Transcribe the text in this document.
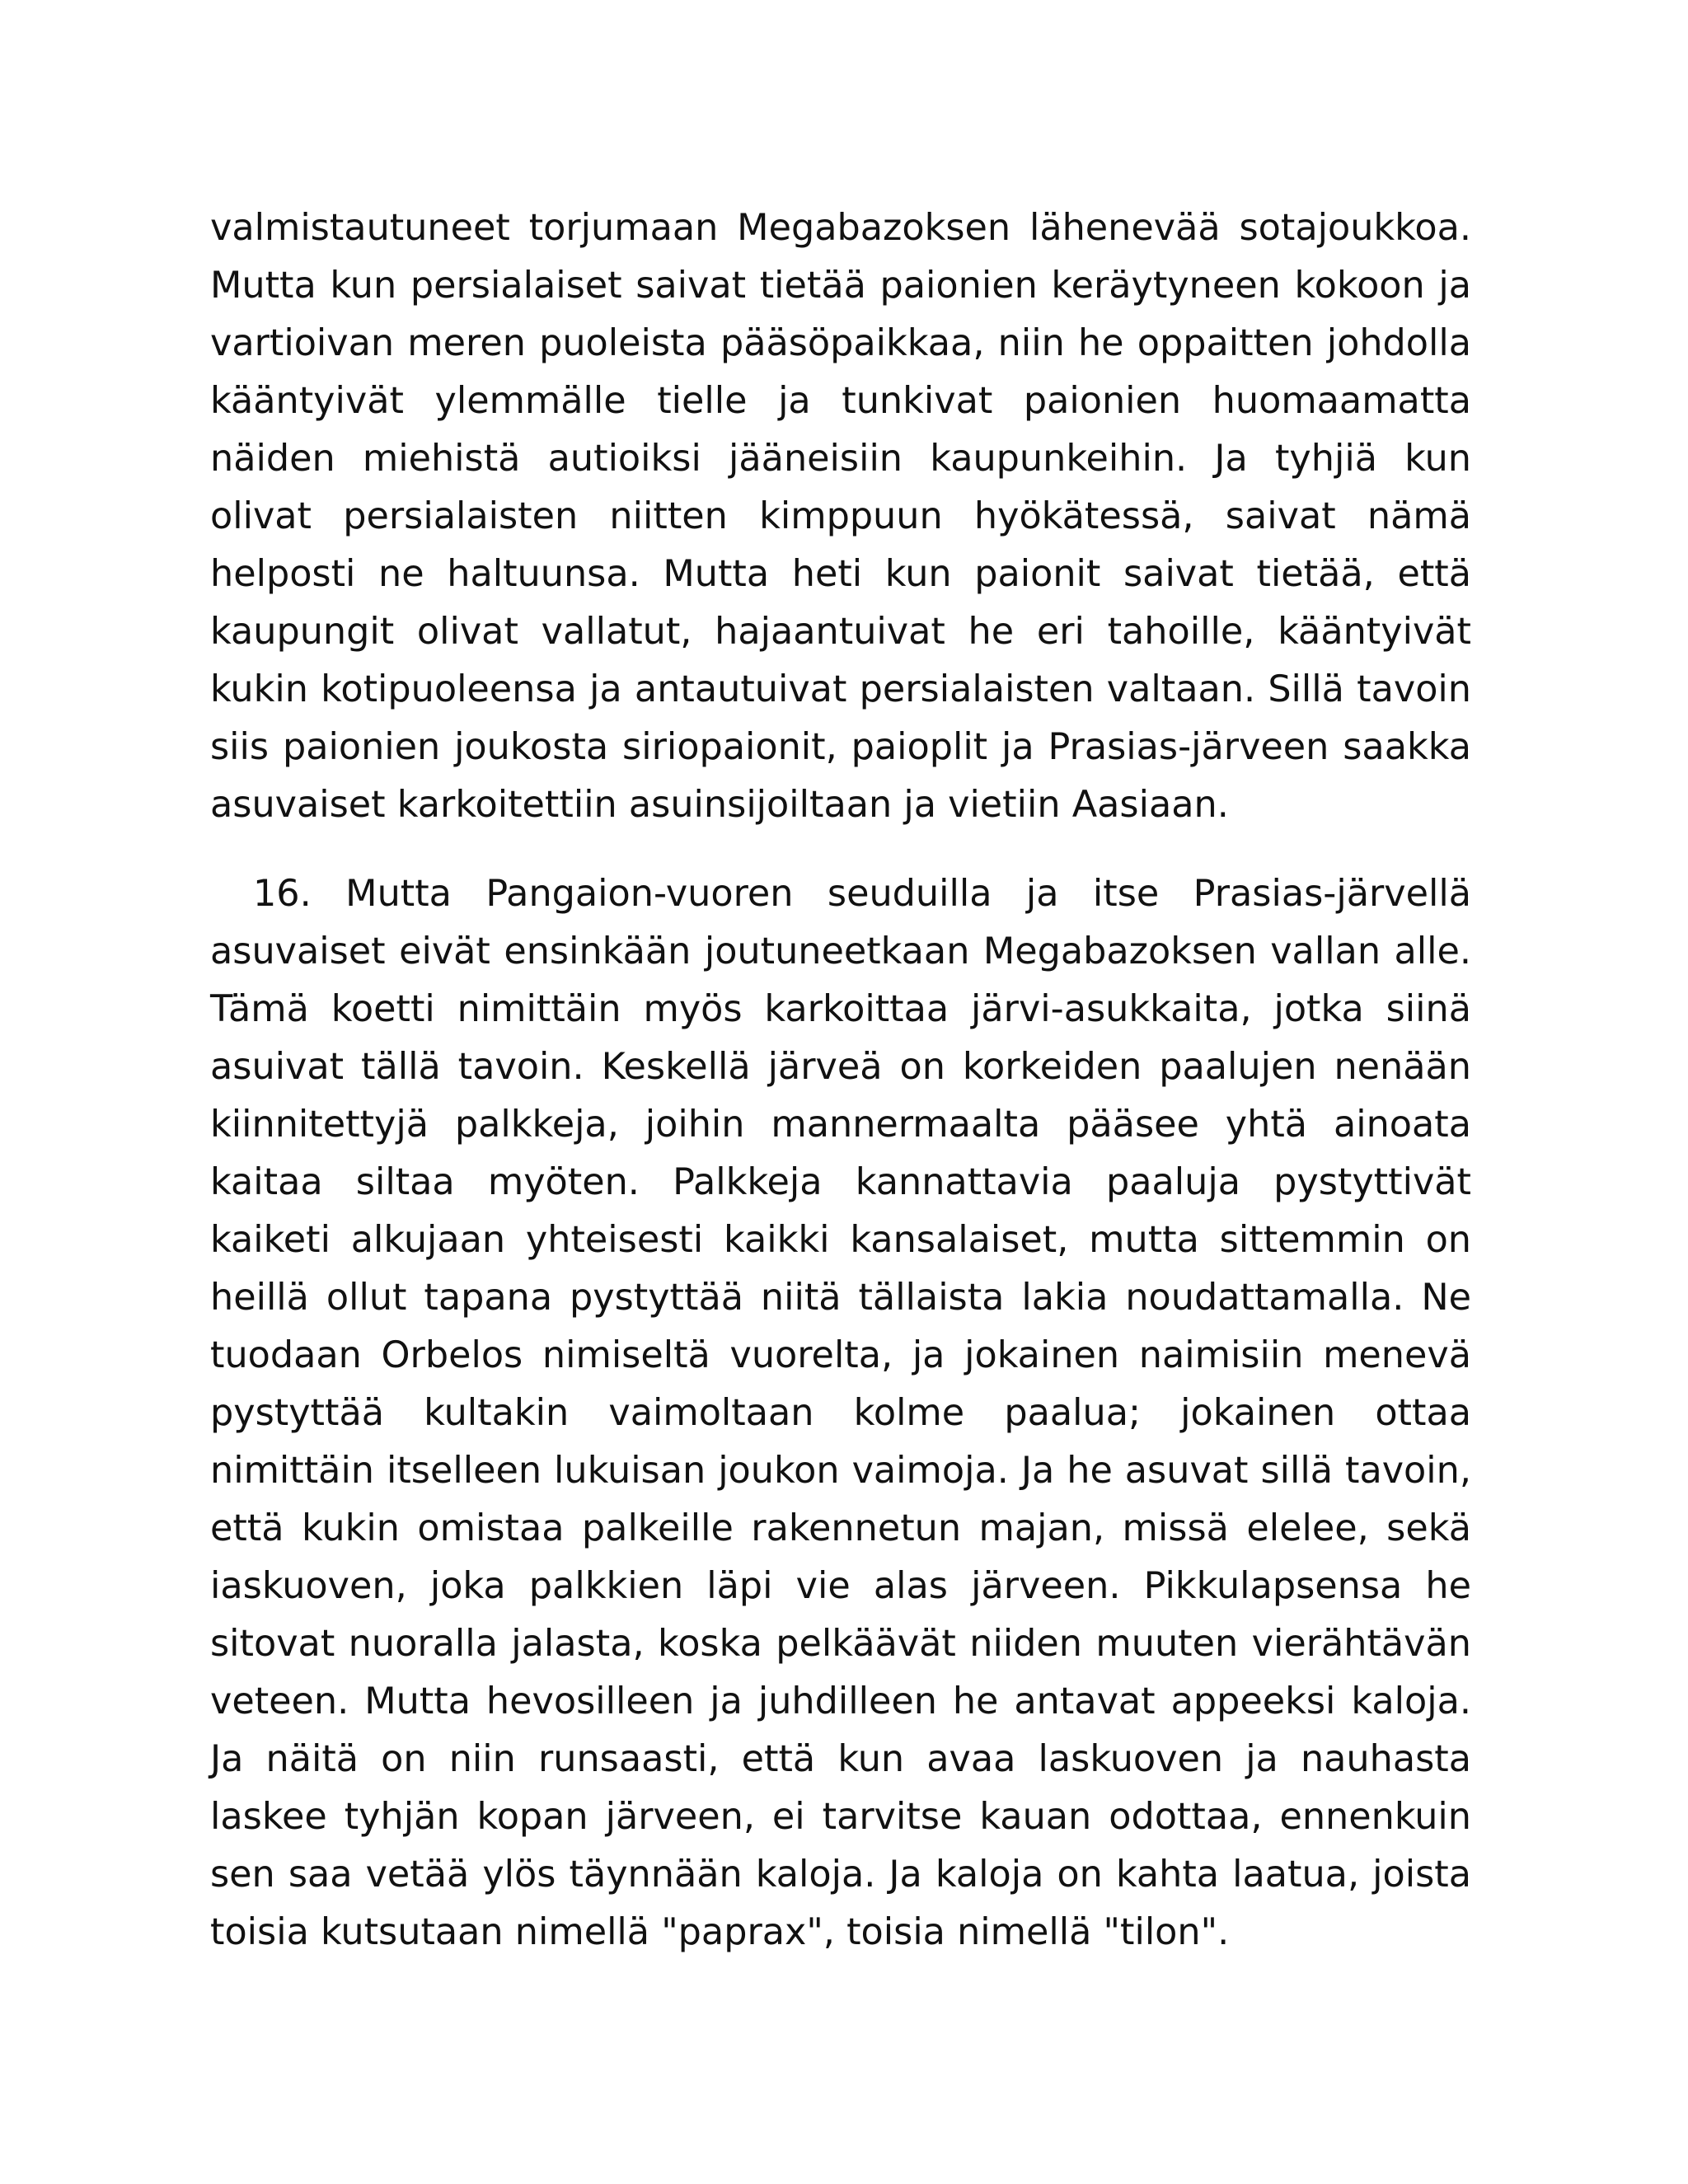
valmistautuneet torjumaan Megabazoksen lähenevää sotajoukkoa. Mutta kun persialaiset saivat tietää paionien keräytyneen kokoon ja vartioivan meren puoleista pääsöpaikkaa, niin he oppaitten johdolla kääntyivät ylemmälle tielle ja tunkivat paionien huomaamatta näiden miehistä autioiksi jääneisiin kaupunkeihin. Ja tyhjiä kun olivat persialaisten niitten kimppuun hyökätessä, saivat nämä helposti ne haltuunsa. Mutta heti kun paionit saivat tietää, että kaupungit olivat vallatut, hajaantuivat he eri tahoille, kääntyivät kukin kotipuoleensa ja antautuivat persialaisten valtaan. Sillä tavoin siis paionien joukosta siriopaionit, paioplit ja Prasias-järveen saakka asuvaiset karkoitettiin asuinsijoiltaan ja vietiin Aasiaan.

16. Mutta Pangaion-vuoren seuduilla ja itse Prasias-järvellä asuvaiset eivät ensinkään joutuneetkaan Megabazoksen vallan alle. Tämä koetti nimittäin myös karkoittaa järvi-asukkaita, jotka siinä asuivat tällä tavoin. Keskellä järveä on korkeiden paalujen nenään kiinnitettyjä palkkeja, joihin mannermaalta pääsee yhtä ainoata kaitaa siltaa myöten. Palkkeja kannattavia paaluja pystyttivät kaiketi alkujaan yhteisesti kaikki kansalaiset, mutta sittemmin on heillä ollut tapana pystyttää niitä tällaista lakia noudattamalla. Ne tuodaan Orbelos nimiseltä vuorelta, ja jokainen naimisiin menevä pystyttää kultakin vaimoltaan kolme paalua; jokainen ottaa nimittäin itselleen lukuisan joukon vaimoja. Ja he asuvat sillä tavoin, että kukin omistaa palkeille rakennetun majan, missä elelee, sekä iaskuoven, joka palkkien läpi vie alas järveen. Pikkulapsensa he sitovat nuoralla jalasta, koska pelkäävät niiden muuten vierähtävän veteen. Mutta hevosilleen ja juhdilleen he antavat appeeksi kaloja. Ja näitä on niin runsaasti, että kun avaa laskuoven ja nauhasta laskee tyhjän kopan järveen, ei tarvitse kauan odottaa, ennenkuin sen saa vetää ylös täynnään kaloja. Ja kaloja on kahta laatua, joista toisia kutsutaan nimellä "paprax", toisia nimellä "tilon".
